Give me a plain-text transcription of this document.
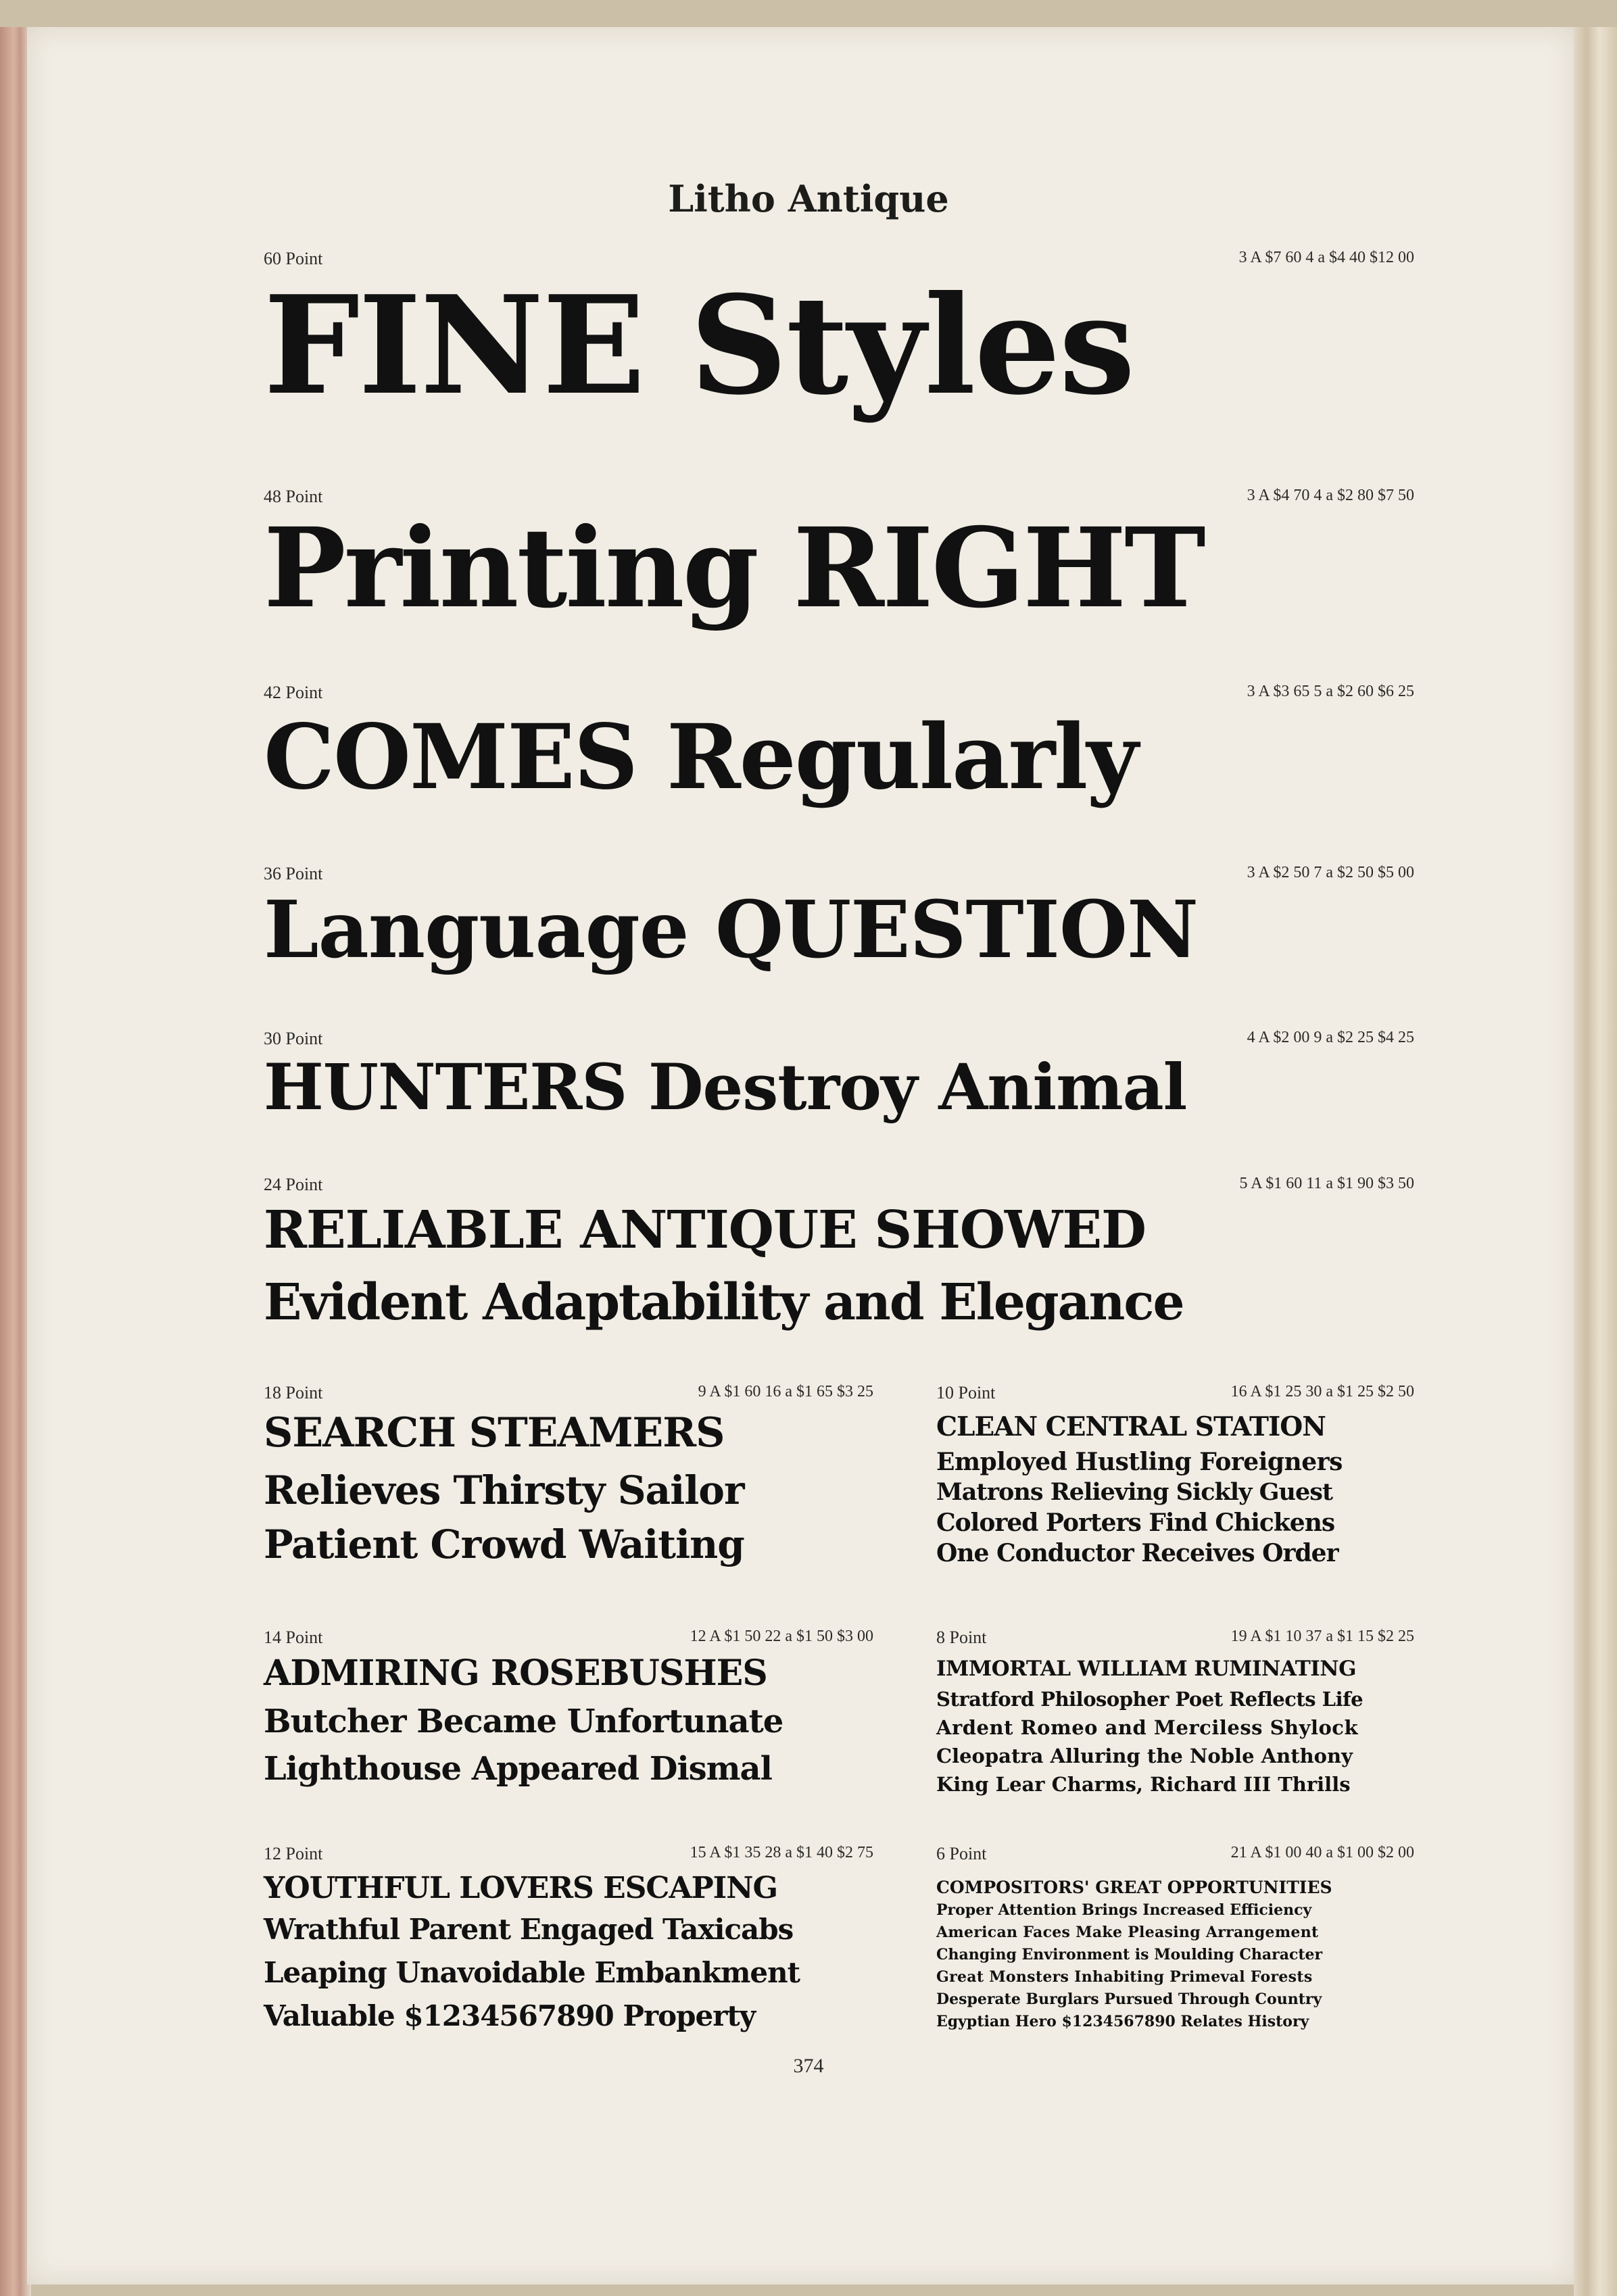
Litho Antique
60 Point	3 A $7 60 4 a $4 40 $12 00
FINE Styles
48 Point	3 A $4 70 4 a $2 80 $7 50
Printing RIGHT
42 Point	3 A $3 65 5 a $2 60 $6 25
COMES Regularly
36 Point	3 A $2 50 7 a $2 50 $5 00
Language QUESTION
30 Point	4 A $2 00 9 a $2 25 $4 25
HUNTERS Destroy Animal
24 Point	5 A $1 60 11 a $1 90 $3 50
RELIABLE ANTIQUE SHOWED
Evident Adaptability and Elegance
18 Point	9 A $1 60 16 a $1 65 $3 25
SEARCH STEAMERS
Relieves Thirsty Sailor
Patient Crowd Waiting
10 Point	16 A $1 25 30 a $1 25 $2 50
CLEAN CENTRAL STATION
Employed Hustling Foreigners
Matrons Relieving Sickly Guest
Colored Porters Find Chickens
One Conductor Receives Order
14 Point	12 A $1 50 22 a $1 50 $3 00
ADMIRING ROSEBUSHES
Butcher Became Unfortunate
Lighthouse Appeared Dismal
8 Point	19 A $1 10 37 a $1 15 $2 25
IMMORTAL WILLIAM RUMINATING
Stratford Philosopher Poet Reflects Life
Ardent Romeo and Merciless Shylock
Cleopatra Alluring the Noble Anthony
King Lear Charms, Richard III Thrills
12 Point	15 A $1 35 28 a $1 40 $2 75
YOUTHFUL LOVERS ESCAPING
Wrathful Parent Engaged Taxicabs
Leaping Unavoidable Embankment
Valuable $1234567890 Property
6 Point	21 A $1 00 40 a $1 00 $2 00
COMPOSITORS' GREAT OPPORTUNITIES
Proper Attention Brings Increased Efficiency
American Faces Make Pleasing Arrangement
Changing Environment is Moulding Character
Great Monsters Inhabiting Primeval Forests
Desperate Burglars Pursued Through Country
Egyptian Hero $1234567890 Relates History
374
